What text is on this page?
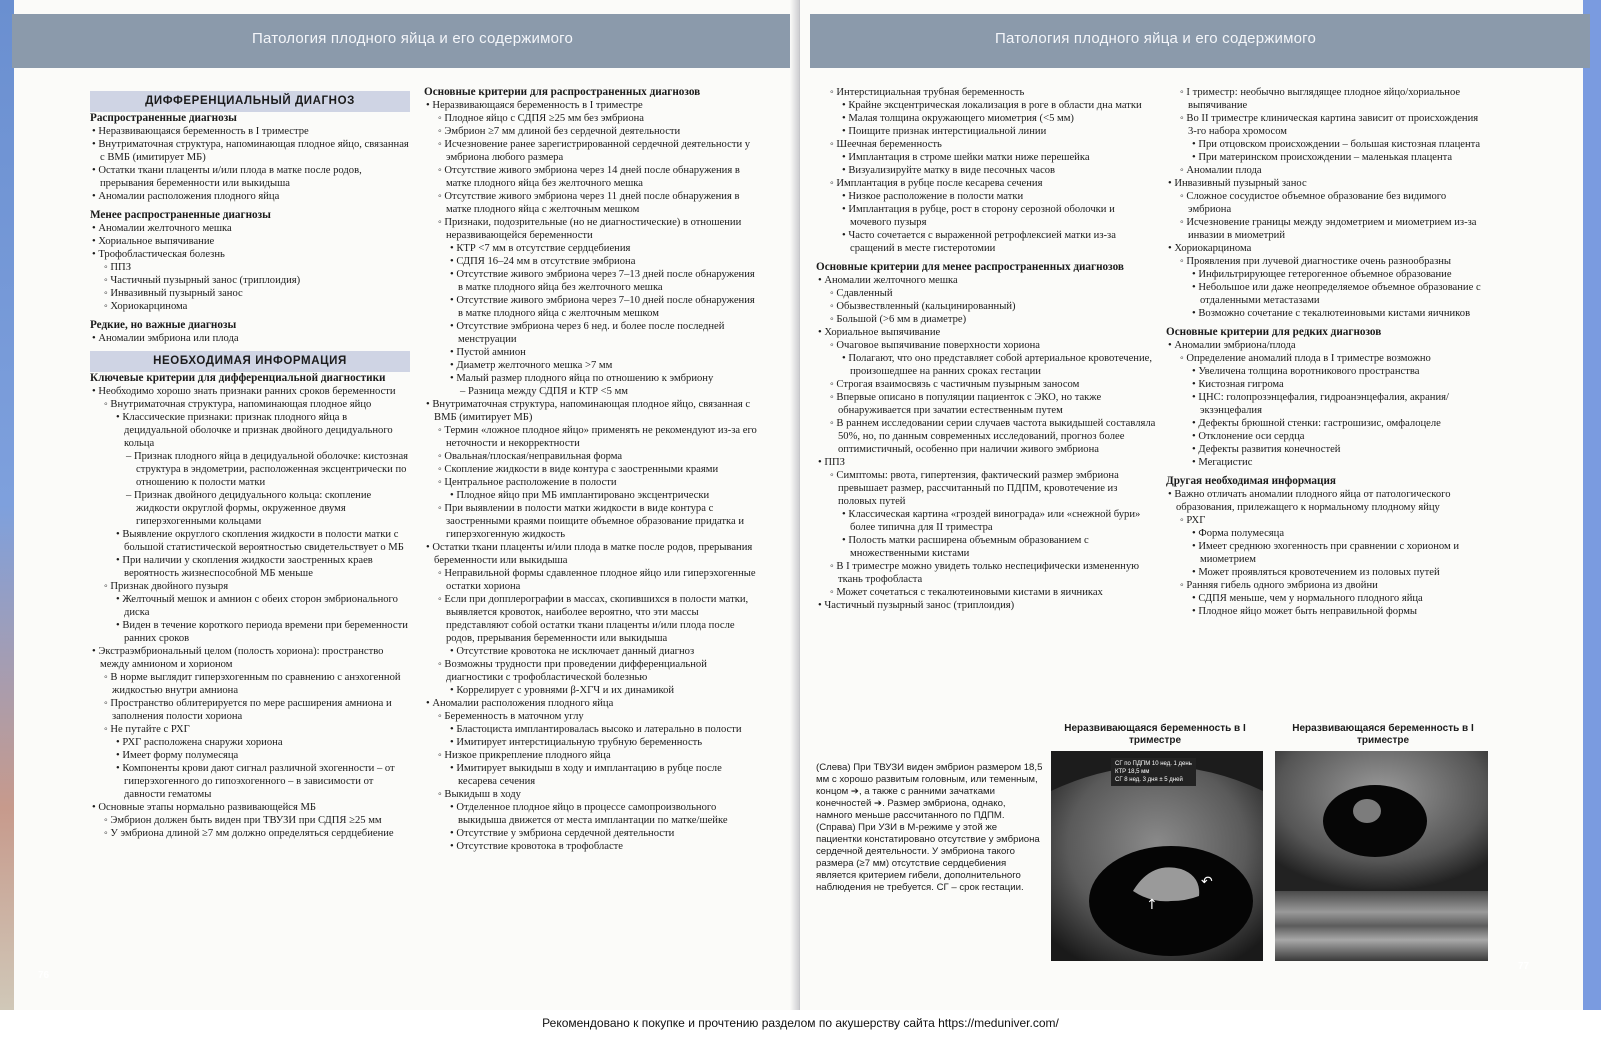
Патология плодного яйца и его содержимого

ДИФФЕРЕНЦИАЛЬНЫЙ ДИАГНОЗ

Распространенные диагнозы

• Неразвивающаяся беременность в I триместре

• Внутриматочная структура, напоминающая плодное яйцо, связанная с ВМБ (имитирует МБ)

• Остатки ткани плаценты и/или плода в матке после родов, прерывания беременности или выкидыша

• Аномалии расположения плодного яйца

Менее распространенные диагнозы

• Аномалии желточного мешка

• Хориальное выпячивание

• Трофобластическая болезнь

◦ ППЗ

◦ Частичный пузырный занос (триплоидия)

◦ Инвазивный пузырный занос

◦ Хориокарцинома

Редкие, но важные диагнозы

• Аномалии эмбриона или плода

НЕОБХОДИМАЯ ИНФОРМАЦИЯ

Ключевые критерии для дифференциальной диагностики

• Необходимо хорошо знать признаки ранних сроков беременности

◦ Внутриматочная структура, напоминающая плодное яйцо

• Классические признаки: признак плодного яйца в децидуальной оболочке и признак двойного децидуального кольца

– Признак плодного яйца в децидуальной оболочке: кистозная структура в эндометрии, расположенная эксцентрически по отношению к полости матки

– Признак двойного децидуального кольца: скопление жидкости округлой формы, окруженное двумя гиперэхогенными кольцами

• Выявление округлого скопления жидкости в полости матки с большой статистической вероятностью свидетельствует о МБ

• При наличии у скопления жидкости заостренных краев вероятность жизнеспособной МБ меньше

◦ Признак двойного пузыря

• Желточный мешок и амнион с обеих сторон эмбрионального диска

• Виден в течение короткого периода времени при беременности ранних сроков

• Экстраэмбриональный целом (полость хориона): пространство между амнионом и хорионом

◦ В норме выглядит гиперэхогенным по сравнению с анэхогенной жидкостью внутри амниона

◦ Пространство облитерируется по мере расширения амниона и заполнения полости хориона

◦ Не путайте с РХГ

• РХГ расположена снаружи хориона

• Имеет форму полумесяца

• Компоненты крови дают сигнал различной эхогенности – от гиперэхогенного до гипоэхогенного – в зависимости от давности гематомы

• Основные этапы нормально развивающейся МБ

◦ Эмбрион должен быть виден при ТВУЗИ при СДПЯ ≥25 мм

◦ У эмбриона длиной ≥7 мм должно определяться сердцебиение

Основные критерии для распространенных диагнозов

• Неразвивающаяся беременность в I триместре

◦ Плодное яйцо с СДПЯ ≥25 мм без эмбриона

◦ Эмбрион ≥7 мм длиной без сердечной деятельности

◦ Исчезновение ранее зарегистрированной сердечной деятельности у эмбриона любого размера

◦ Отсутствие живого эмбриона через 14 дней после обнаружения в матке плодного яйца без желточного мешка

◦ Отсутствие живого эмбриона через 11 дней после обнаружения в матке плодного яйца с желточным мешком

◦ Признаки, подозрительные (но не диагностические) в отношении неразвивающейся беременности

• КТР <7 мм в отсутствие сердцебиения

• СДПЯ 16–24 мм в отсутствие эмбриона

• Отсутствие живого эмбриона через 7–13 дней после обнаружения в матке плодного яйца без желточного мешка

• Отсутствие живого эмбриона через 7–10 дней после обнаружения в матке плодного яйца с желточным мешком

• Отсутствие эмбриона через 6 нед. и более после последней менструации

• Пустой амнион

• Диаметр желточного мешка >7 мм

• Малый размер плодного яйца по отношению к эмбриону

– Разница между СДПЯ и КТР <5 мм

• Внутриматочная структура, напоминающая плодное яйцо, связанная с ВМБ (имитирует МБ)

◦ Термин «ложное плодное яйцо» применять не рекомендуют из-за его неточности и некорректности

◦ Овальная/плоская/неправильная форма

◦ Скопление жидкости в виде контура с заостренными краями

◦ Центральное расположение в полости

• Плодное яйцо при МБ имплантировано эксцентрически

◦ При выявлении в полости матки жидкости в виде контура с заостренными краями поищите объемное образование придатка и гиперэхогенную жидкость

• Остатки ткани плаценты и/или плода в матке после родов, прерывания беременности или выкидыша

◦ Неправильной формы сдавленное плодное яйцо или гиперэхогенные остатки хориона

◦ Если при допплерографии в массах, скопившихся в полости матки, выявляется кровоток, наиболее вероятно, что эти массы представляют собой остатки ткани плаценты и/или плода после родов, прерывания беременности или выкидыша

• Отсутствие кровотока не исключает данный диагноз

◦ Возможны трудности при проведении дифференциальной диагностики с трофобластической болезнью

• Коррелирует с уровнями β-ХГЧ и их динамикой

• Аномалии расположения плодного яйца

◦ Беременность в маточном углу

• Бластоциста имплантировалась высоко и латерально в полости

• Имитирует интерстициальную трубную беременность

◦ Низкое прикрепление плодного яйца

• Имитирует выкидыш в ходу и имплантацию в рубце после кесарева сечения

◦ Выкидыш в ходу

• Отделенное плодное яйцо в процессе самопроизвольного выкидыша движется от места имплантации по матке/шейке

• Отсутствие у эмбриона сердечной деятельности

• Отсутствие кровотока в трофобласте

76
Патология плодного яйца и его содержимого

◦ Интерстициальная трубная беременность

• Крайне эксцентрическая локализация в роге в области дна матки

• Малая толщина окружающего миометрия (<5 мм)

• Поищите признак интерстициальной линии

◦ Шеечная беременность

• Имплантация в строме шейки матки ниже перешейка

• Визуализируйте матку в виде песочных часов

◦ Имплантация в рубце после кесарева сечения

• Низкое расположение в полости матки

• Имплантация в рубце, рост в сторону серозной оболочки и мочевого пузыря

• Часто сочетается с выраженной ретрофлексией матки из-за сращений в месте гистеротомии

Основные критерии для менее распространенных диагнозов

• Аномалии желточного мешка

◦ Сдавленный

◦ Обызвествленный (кальцинированный)

◦ Большой (>6 мм в диаметре)

• Хориальное выпячивание

◦ Очаговое выпячивание поверхности хориона

• Полагают, что оно представляет собой артериальное кровотечение, произошедшее на ранних сроках гестации

◦ Строгая взаимосвязь с частичным пузырным заносом

◦ Впервые описано в популяции пациенток с ЭКО, но также обнаруживается при зачатии естественным путем

◦ В раннем исследовании серии случаев частота выкидышей составляла 50%, но, по данным современных исследований, прогноз более оптимистичный, особенно при наличии живого эмбриона

• ППЗ

◦ Симптомы: рвота, гипертензия, фактический размер эмбриона превышает размер, рассчитанный по ПДПМ, кровотечение из половых путей

• Классическая картина «гроздей винограда» или «снежной бури» более типична для II триместра

• Полость матки расширена объемным образованием с множественными кистами

◦ В I триместре можно увидеть только неспецифически измененную ткань трофобласта

◦ Может сочетаться с текалютеиновыми кистами в яичниках

• Частичный пузырный занос (триплоидия)

◦ I триместр: необычно выглядящее плодное яйцо/хориальное выпячивание

◦ Во II триместре клиническая картина зависит от происхождения 3-го набора хромосом

• При отцовском происхождении – большая кистозная плацента

• При материнском происхождении – маленькая плацента

◦ Аномалии плода

• Инвазивный пузырный занос

◦ Сложное сосудистое объемное образование без видимого эмбриона

◦ Исчезновение границы между эндометрием и миометрием из-за инвазии в миометрий

• Хориокарцинома

◦ Проявления при лучевой диагностике очень разнообразны

• Инфильтрирующее гетерогенное объемное образование

• Небольшое или даже неопределяемое объемное образование с отдаленными метастазами

• Возможно сочетание с текалютеиновыми кистами яичников

Основные критерии для редких диагнозов

• Аномалии эмбриона/плода

◦ Определение аномалий плода в I триместре возможно

• Увеличена толщина воротникового пространства

• Кистозная гигрома

• ЦНС: голопрозэнцефалия, гидроанэнцефалия, акрания/экзэнцефалия

• Дефекты брюшной стенки: гастрошизис, омфалоцеле

• Отклонение оси сердца

• Дефекты развития конечностей

• Мегацистис

Другая необходимая информация

• Важно отличать аномалии плодного яйца от патологического образования, прилежащего к нормальному плодному яйцу

◦ РХГ

• Форма полумесяца

• Имеет среднюю эхогенность при сравнении с хорионом и миометрием

• Может проявляться кровотечением из половых путей

◦ Ранняя гибель одного эмбриона из двойни

• СДПЯ меньше, чем у нормального плодного яйца

• Плодное яйцо может быть неправильной формы

Неразвивающаяся беременность в I триместре
Неразвивающаяся беременность в I триместре
(Слева) При ТВУЗИ виден эмбрион размером 18,5 мм с хорошо развитым головным, или теменным, концом ➔, а также с ранними зачатками конечностей ➔. Размер эмбриона, однако, намного меньше рассчитанного по ПДПМ. (Справа) При УЗИ в М-режиме у этой же пациентки констатировано отсутствие у эмбриона сердечной деятельности. У эмбриона такого размера (≥7 мм) отсутствие сердцебиения является критерием гибели, дополнительного наблюдения не требуется. СГ – срок гестации.
↑
↶
СГ по ПДПМ 10 нед. 1 день
КТР 18,5 мм
СГ 8 нед. 3 дня ± 5 дней
77
Рекомендовано к покупке и прочтению разделом по акушерству сайта https://meduniver.com/
